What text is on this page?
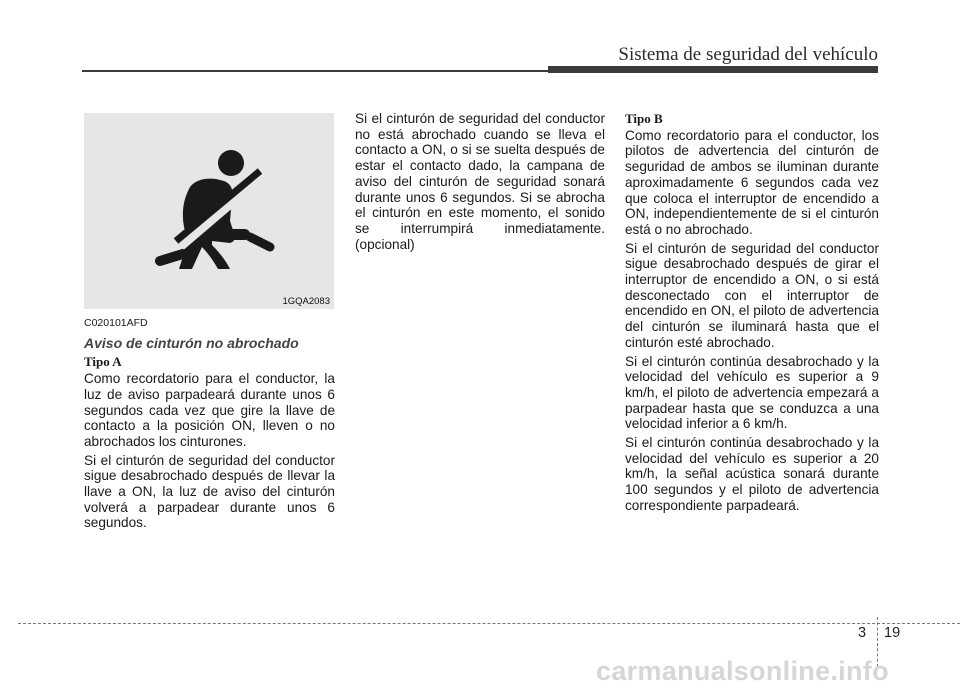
Sistema de seguridad del vehículo
1GQA2083
C020101AFD
Aviso de cinturón no abrochado
Tipo A

Como recordatorio para el conductor, la luz de aviso parpadeará durante unos 6 segundos cada vez que gire la llave de contacto a la posición ON, lleven o no abrochados los cinturones.

Si el cinturón de seguridad del conductor sigue desabrochado después de llevar la llave a ON, la luz de aviso del cinturón volverá a parpadear durante unos 6 segundos.

Si el cinturón de seguridad del conductor no está abrochado cuando se lleva el contacto a ON, o si se suelta después de estar el contacto dado, la campana de aviso del cinturón de seguridad sonará durante unos 6 segundos. Si se abrocha el cinturón en este momento, el sonido se interrumpirá inmediatamente. (opcional)

Tipo B

Como recordatorio para el conductor, los pilotos de advertencia del cinturón de seguridad de ambos se iluminan durante aproximadamente 6 segundos cada vez que coloca el interruptor de encendido a ON, independientemente de si el cinturón está o no abrochado.

Si el cinturón de seguridad del conductor sigue desabrochado después de girar el interruptor de encendido a ON, o si está desconectado con el interruptor de encendido en ON, el piloto de advertencia del cinturón se iluminará hasta que el cinturón esté abrochado.

Si el cinturón continúa desabrochado y la velocidad del vehículo es superior a 9 km/h, el piloto de advertencia empezará a parpadear hasta que se conduzca a una velocidad inferior a 6 km/h.

Si el cinturón continúa desabrochado y la velocidad del vehículo es superior a 20 km/h, la señal acústica sonará durante 100 segundos y el piloto de advertencia correspondiente parpadeará.

3 19
carmanualsonline.info
